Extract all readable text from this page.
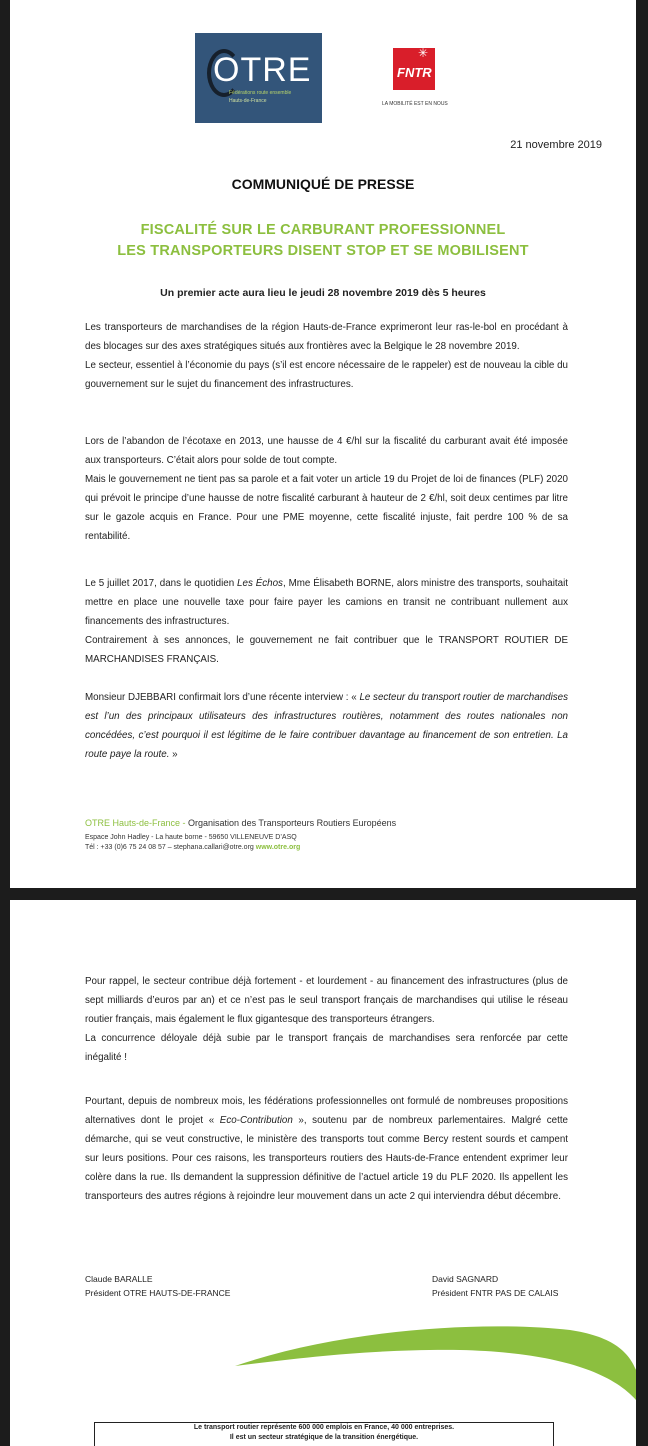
OTRE
Fédérations route ensemble
Hauts-de-France
✳
FNTR
LA MOBILITÉ EST EN NOUS
21 novembre 2019
COMMUNIQUÉ DE PRESSE
FISCALITÉ SUR LE CARBURANT PROFESSIONNEL
LES TRANSPORTEURS DISENT STOP ET SE MOBILISENT
Un premier acte aura lieu le jeudi 28 novembre 2019 dès 5 heures

Les transporteurs de marchandises de la région Hauts-de-France exprimeront leur ras-le-bol en procédant à des blocages sur des axes stratégiques situés aux frontières avec la Belgique le 28 novembre 2019.

Le secteur, essentiel à l’économie du pays (s’il est encore nécessaire de le rappeler) est de nouveau la cible du gouvernement sur le sujet du financement des infrastructures.

Lors de l’abandon de l’écotaxe en 2013, une hausse de 4 €/hl sur la fiscalité du carburant avait été imposée aux transporteurs. C’était alors pour solde de tout compte.

Mais le gouvernement ne tient pas sa parole et a fait voter un article 19 du Projet de loi de finances (PLF) 2020 qui prévoit le principe d’une hausse de notre fiscalité carburant à hauteur de 2 €/hl, soit deux centimes par litre sur le gazole acquis en France. Pour une PME moyenne, cette fiscalité injuste, fait perdre 100 % de sa rentabilité.

Le 5 juillet 2017, dans le quotidien Les Échos, Mme Élisabeth BORNE, alors ministre des transports, souhaitait mettre en place une nouvelle taxe pour faire payer les camions en transit ne contribuant nullement aux financements des infrastructures.

Contrairement à ses annonces, le gouvernement ne fait contribuer que le TRANSPORT ROUTIER DE MARCHANDISES FRANÇAIS.

Monsieur DJEBBARI confirmait lors d’une récente interview : « Le secteur du transport routier de marchandises est l’un des principaux utilisateurs des infrastructures routières, notamment des routes nationales non concédées, c’est pourquoi il est légitime de le faire contribuer davantage au financement de son entretien. La route paye la route. »

OTRE Hauts-de-France - Organisation des Transporteurs Routiers Européens
Espace John Hadley - La haute borne - 59650 VILLENEUVE D’ASQ
Tél : +33 (0)6 75 24 08 57 – stephana.callari@otre.org www.otre.org

Pour rappel, le secteur contribue déjà fortement - et lourdement - au financement des infrastructures (plus de sept milliards d’euros par an) et ce n’est pas le seul transport français de marchandises qui utilise le réseau routier français, mais également le flux gigantesque des transporteurs étrangers.

La concurrence déloyale déjà subie par le transport français de marchandises sera renforcée par cette inégalité !

Pourtant, depuis de nombreux mois, les fédérations professionnelles ont formulé de nombreuses propositions alternatives dont le projet « Eco-Contribution », soutenu par de nombreux parlementaires. Malgré cette démarche, qui se veut constructive, le ministère des transports tout comme Bercy restent sourds et campent sur leurs positions. Pour ces raisons, les transporteurs routiers des Hauts-de-France entendent exprimer leur colère dans la rue. Ils demandent la suppression définitive de l’actuel article 19 du PLF 2020. Ils appellent les transporteurs des autres régions à rejoindre leur mouvement dans un acte 2 qui interviendra début décembre.

Claude BARALLE
Président OTRE HAUTS-DE-FRANCE
David SAGNARD
Président FNTR PAS DE CALAIS
Le transport routier représente 600 000 emplois en France, 40 000 entreprises.
Il est un secteur stratégique de la transition énergétique.
